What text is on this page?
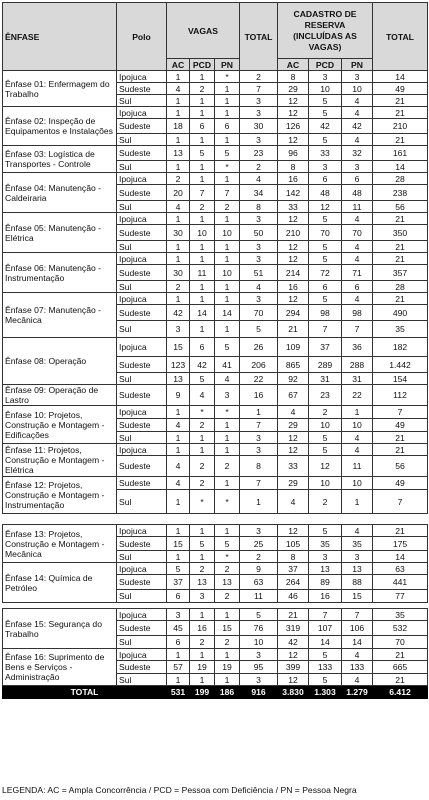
ÊNFASE	Polo	VAGAS			TOTAL	CADASTRO DE RESERVA (INCLUÍDAS AS VAGAS)			TOTAL
		AC	PCD	PN		AC	PCD	PN	
Ênfase 01: Enfermagem do Trabalho	Ipojuca	1	1	*	2	8	3	3	14
	Sudeste	4	2	1	7	29	10	10	49
	Sul	1	1	1	3	12	5	4	21
Ênfase 02: Inspeção de Equipamentos e Instalações	Ipojuca	1	1	1	3	12	5	4	21
	Sudeste	18	6	6	30	126	42	42	210
	Sul	1	1	1	3	12	5	4	21
Ênfase 03: Logística de Transportes - Controle	Sudeste	13	5	5	23	96	33	32	161
	Sul	1	1	*	2	8	3	3	14
Ênfase 04: Manutenção - Caldeiraria	Ipojuca	2	1	1	4	16	6	6	28
	Sudeste	20	7	7	34	142	48	48	238
	Sul	4	2	2	8	33	12	11	56
Ênfase 05: Manutenção - Elétrica	Ipojuca	1	1	1	3	12	5	4	21
	Sudeste	30	10	10	50	210	70	70	350
	Sul	1	1	1	3	12	5	4	21
Ênfase 06: Manutenção - Instrumentação	Ipojuca	1	1	1	3	12	5	4	21
	Sudeste	30	11	10	51	214	72	71	357
	Sul	2	1	1	4	16	6	6	28
Ênfase 07: Manutenção - Mecânica	Ipojuca	1	1	1	3	12	5	4	21
	Sudeste	42	14	14	70	294	98	98	490
	Sul	3	1	1	5	21	7	7	35
Ênfase 08: Operação	Ipojuca	15	6	5	26	109	37	36	182
	Sudeste	123	42	41	206	865	289	288	1.442
	Sul	13	5	4	22	92	31	31	154
Ênfase 09: Operação de Lastro	Sudeste	9	4	3	16	67	23	22	112
Ênfase 10: Projetos, Construção e Montagem - Edificações	Ipojuca	1	*	*	1	4	2	1	7
	Sudeste	4	2	1	7	29	10	10	49
	Sul	1	1	1	3	12	5	4	21
Ênfase 11: Projetos, Construção e Montagem - Elétrica	Ipojuca	1	1	1	3	12	5	4	21
	Sudeste	4	2	2	8	33	12	11	56
Ênfase 12: Projetos, Construção e Montagem - Instrumentação	Sudeste	4	2	1	7	29	10	10	49
	Sul	1	*	*	1	4	2	1	7

Ênfase 13: Projetos, Construção e Montagem - Mecânica	Ipojuca	1	1	1	3	12	5	4	21
	Sudeste	15	5	5	25	105	35	35	175
	Sul	1	1	*	2	8	3	3	14
Ênfase 14: Química de Petróleo	Ipojuca	5	2	2	9	37	13	13	63
	Sudeste	37	13	13	63	264	89	88	441
	Sul	6	3	2	11	46	16	15	77

Ênfase 15: Segurança do Trabalho	Ipojuca	3	1	1	5	21	7	7	35
	Sudeste	45	16	15	76	319	107	106	532
	Sul	6	2	2	10	42	14	14	70
Ênfase 16: Suprimento de Bens e Serviços - Administração	Ipojuca	1	1	1	3	12	5	4	21
	Sudeste	57	19	19	95	399	133	133	665
	Sul	1	1	1	3	12	5	4	21
TOTAL		531	199	186	916	3.830	1.303	1.279	6.412
LEGENDA: AC = Ampla Concorrência / PCD = Pessoa com Deficiência / PN = Pessoa Negra
